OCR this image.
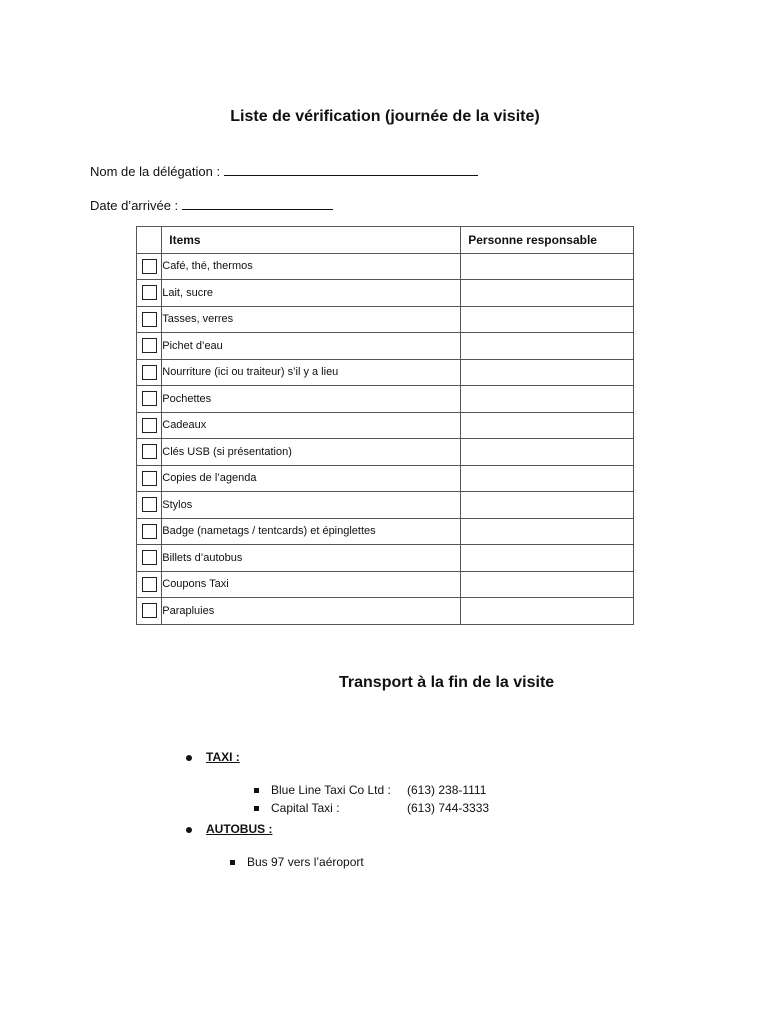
Liste de vérification (journée de la visite)
Nom de la délégation :
Date d’arrivée :
	Items	Personne responsable
	Café, thé, thermos	
	Lait, sucre	
	Tasses, verres	
	Pichet d’eau	
	Nourriture (ici ou traiteur) s’il y a lieu	
	Pochettes	
	Cadeaux	
	Clés USB (si présentation)	
	Copies de l’agenda	
	Stylos	
	Badge (nametags / tentcards) et épinglettes	
	Billets d’autobus	
	Coupons Taxi	
	Parapluies	
Transport à la fin de la visite
TAXI :
Blue Line Taxi Co Ltd : (613) 238-1111
Capital Taxi :	(613) 744-3333
AUTOBUS :
Bus 97 vers l’aéroport
